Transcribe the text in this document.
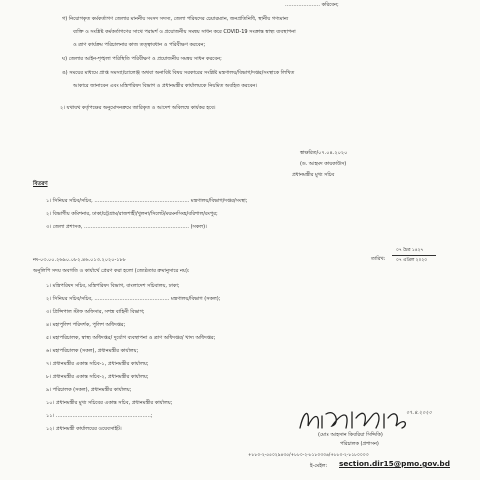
………………… করিবেন;
গ) নিয়োগকৃত কর্মকর্তাগণ জেলার মাননীয় সংসদ সদস্য, জেলা পরিষদের চেয়ারম্যান, জনপ্রতিনিধি, স্থানীয় গণ্যমান্য
ব্যক্তি ও সংশ্লিষ্ট কর্মকর্তাগণের সাথে পরামর্শ ও প্রয়োজনীয় সমন্বয় সাধন করে COVID-19 সংক্রান্ত স্বাস্থ্য ব্যবস্থাপনা
ও ত্রাণ কার্যক্রম পরিচালনার কাজ তত্ত্বাবধান ও পরিবীক্ষণ করবেন;
ঘ) জেলার আইন-শৃঙ্খলা পরিস্থিতি পরিবীক্ষণ ও প্রয়োজনীয় সমন্বয় সাধন করবেন;
ঙ) সময়ের মাধ্যমে প্রাপ্ত সমস্যা/চ্যালেঞ্জ অথবা অনাবিষ্ট বিষয় সরকারের সংশ্লিষ্ট মন্ত্রণালয়/বিভাগ/দপ্তর/সংস্থাকে লিখিত
আকারে জানাবেন এবং মন্ত্রিপরিষদ বিভাগ ও প্রধানমন্ত্রীর কার্যালয়কে নিয়মিত অবহিত করবেন।
২। যথাযথ কর্তৃপক্ষের অনুমোদনক্রমে জারিকৃত ও আদেশ অবিলম্বে কার্যকর হবে।
স্বাক্ষরিত/০৭.০৪.২০২০
(ড. আহমদ কায়কাউস)
প্রধানমন্ত্রীর মুখ্য সচিব
বিতরণ
১। সিনিয়র সচিব/সচিব, ………………………………………………… মন্ত্রণালয়/বিভাগ/দপ্তর/সংস্থা;
২। বিভাগীয় কমিশনার, ঢাকা/চট্টগ্রাম/রাজশাহী/খুলনা/সিলেট/ময়মনসিংহ/বরিশাল/রংপুর;
৩। জেলা প্রশাসক, ……………………………………………………… (সকল)।
নং-০৩.০০.২৬৯০.০৮২.৪৬.০১৩.২০২০-১৮৮
০৭ চৈত্র ১৪২৭
তারিখ: ০৭ এপ্রিল ২০২০
অনুলিপি সদয় অবগতি ও কার্যার্থে প্রেরণ করা হলো (জ্যেষ্ঠতার ক্রমানুসারে নয়):
১। মন্ত্রিপরিষদ সচিব, মন্ত্রিপরিষদ বিভাগ, বাংলাদেশ সচিবালয়, ঢাকা;
২। সিনিয়র সচিব/সচিব, ……………………………………… মন্ত্রণালয়/বিভাগ (সকল);
৩। প্রিন্সিপাল স্টাফ অফিসার, সশস্ত্র বাহিনী বিভাগ;
৪। মহাপুলিশ পরিদর্শক, পুলিশ অধিদপ্তর;
৫। মহাপরিচালক, স্বাস্থ্য অধিদপ্তর/ দুর্যোগ ব্যবস্থাপনা ও ত্রাণ অধিদপ্তর/ খাদ্য অধিদপ্তর;
৬। মহাপরিচালক (সকল), প্রধানমন্ত্রীর কার্যালয়;
৭। প্রধানমন্ত্রীর একান্ত সচিব-১, প্রধানমন্ত্রীর কার্যালয়;
৮। প্রধানমন্ত্রীর একান্ত সচিব-২, প্রধানমন্ত্রীর কার্যালয়;
৯। পরিচালক (সকল), প্রধানমন্ত্রীর কার্যালয়;
১০। প্রধানমন্ত্রীর মুখ্য সচিবের একান্ত সচিব, প্রধানমন্ত্রীর কার্যালয়;
১১। …………………………………………………;
১২। প্রধানমন্ত্রী কার্যালয়ের ওয়েবসাইট।
০৭.৪.২০২০
(মোঃ আহসান কিবরিয়া সিদ্দিকি)
পরিচালক (প্রশাসন)
+৮৮০-২-৫৫০২৯৪৩৫/+৮৮০-২-৮১৮০৩৩৬/+৮৮০-২-৮১৮০০০৩
ই-মেইল: section.dir15@pmo.gov.bd
